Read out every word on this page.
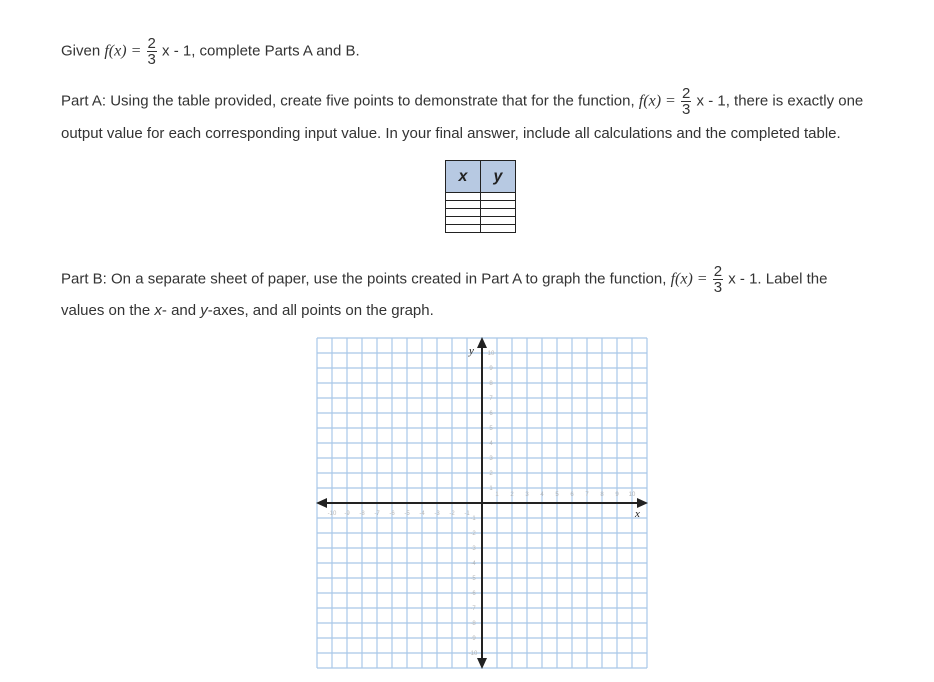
Given $f(x) = \frac{2}{3}$ x - 1, complete Parts A and B.
Part A: Using the table provided, create five points to demonstrate that for the function, $f(x) = \frac{2}{3}$ x - 1, there is exactly one
output value for each corresponding input value. In your final answer, include all calculations and the completed table.
x	y

Part B: On a separate sheet of paper, use the points created in Part A to graph the function, $f(x) = \frac{2}{3}$ x - 1. Label the
values on the x- and y-axes, and all points on the graph.
-10 -9 -8 -7 -6 -5 -4 -3 -2 -1
1 2 3 4 5 6 7 8 9 10
-10
-9
-8
-7
-6
-5
-4
-3
-2
-1
1
2
3
4
5
6
7
8
9
10
x
y
